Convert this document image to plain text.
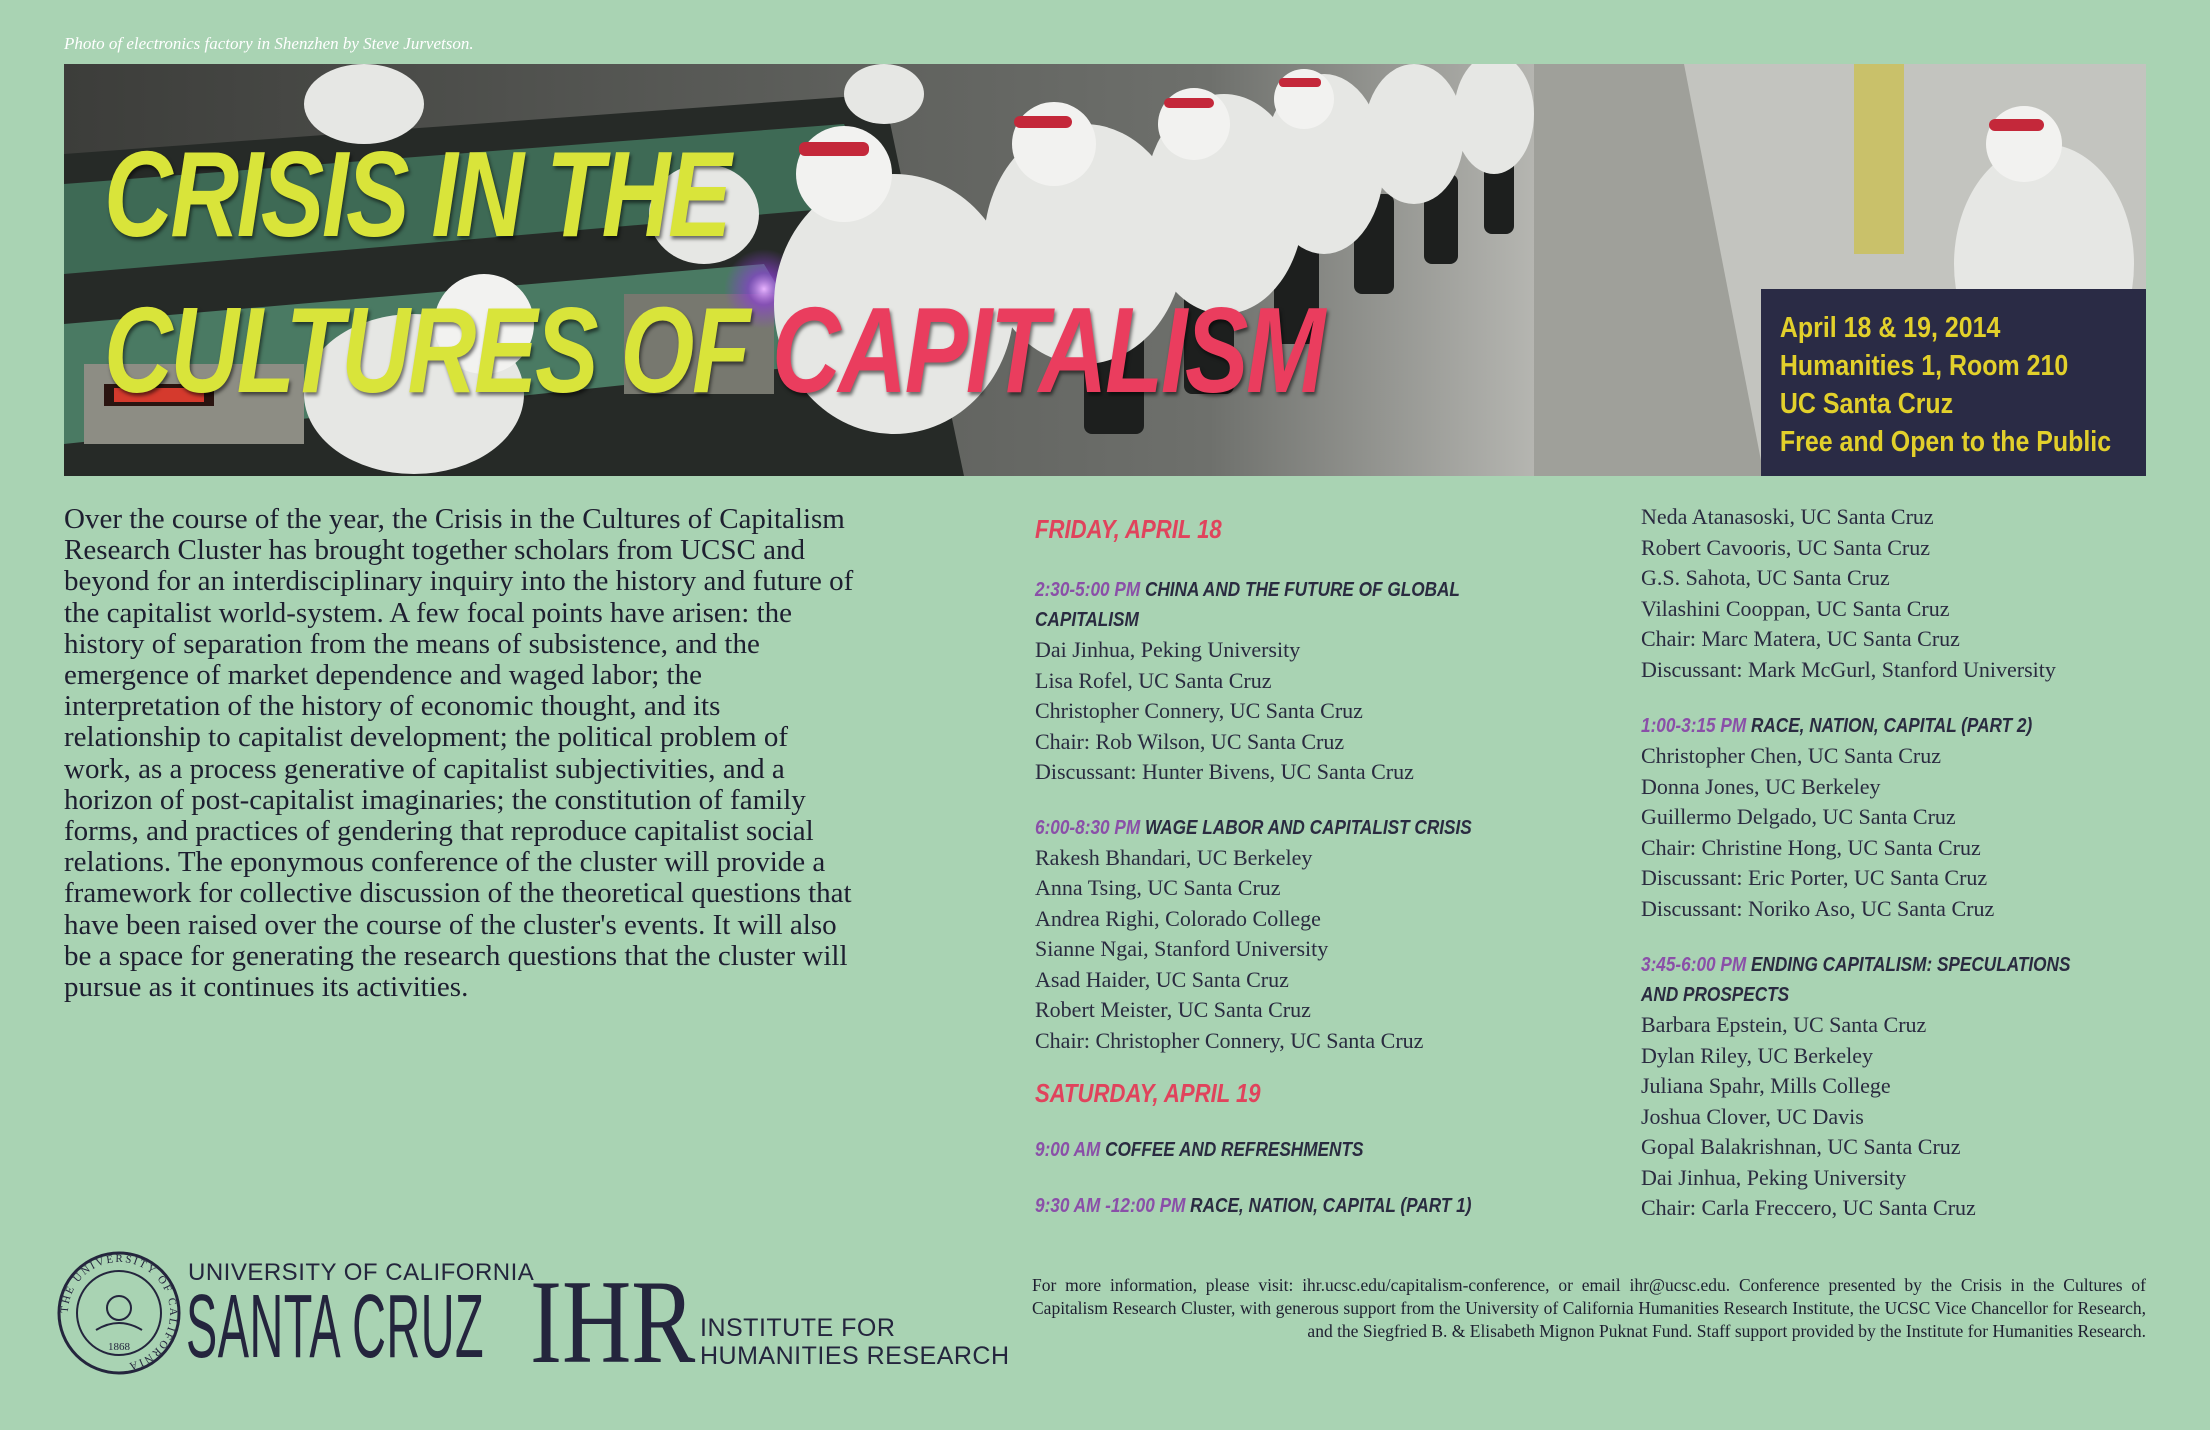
Photo of electronics factory in Shenzhen by Steve Jurvetson.
CRISIS IN THE
CULTURES OF CAPITALISM	April 18 & 19, 2014
Humanities 1, Room 210
UC Santa Cruz
Free and Open to the Public
Over the course of the year, the Crisis in the Cultures of Capitalism Research Cluster has brought together scholars from UCSC and beyond for an interdisciplinary inquiry into the history and future of the capitalist world-system. A few focal points have arisen: the history of separation from the means of subsistence, and the emergence of market dependence and waged labor; the interpretation of the history of economic thought, and its relationship to capitalist development; the political problem of work, as a process generative of capitalist subjectivities, and a horizon of post-capitalist imaginaries; the constitution of family forms, and practices of gendering that reproduce capitalist social relations. The eponymous conference of the cluster will provide a framework for collective discussion of the theoretical questions that have been raised over the course of the cluster's events. It will also be a space for generating the research questions that the cluster will pursue as it continues its activities.
FRIDAY, APRIL 18
2:30-5:00 PM CHINA AND THE FUTURE OF GLOBAL
CAPITALISM
Dai Jinhua, Peking University
Lisa Rofel, UC Santa Cruz
Christopher Connery, UC Santa Cruz
Chair: Rob Wilson, UC Santa Cruz
Discussant: Hunter Bivens, UC Santa Cruz
6:00-8:30 PM WAGE LABOR AND CAPITALIST CRISIS
Rakesh Bhandari, UC Berkeley
Anna Tsing, UC Santa Cruz
Andrea Righi, Colorado College
Sianne Ngai, Stanford University
Asad Haider, UC Santa Cruz
Robert Meister, UC Santa Cruz
Chair: Christopher Connery, UC Santa Cruz
SATURDAY, APRIL 19
9:00 AM COFFEE AND REFRESHMENTS
9:30 AM -12:00 PM RACE, NATION, CAPITAL (PART 1)
Neda Atanasoski, UC Santa Cruz
Robert Cavooris, UC Santa Cruz
G.S. Sahota, UC Santa Cruz
Vilashini Cooppan, UC Santa Cruz
Chair: Marc Matera, UC Santa Cruz
Discussant: Mark McGurl, Stanford University
1:00-3:15 PM RACE, NATION, CAPITAL (PART 2)
Christopher Chen, UC Santa Cruz
Donna Jones, UC Berkeley
Guillermo Delgado, UC Santa Cruz
Chair: Christine Hong, UC Santa Cruz
Discussant: Eric Porter, UC Santa Cruz
Discussant: Noriko Aso, UC Santa Cruz
3:45-6:00 PM ENDING CAPITALISM: SPECULATIONS
AND PROSPECTS
Barbara Epstein, UC Santa Cruz
Dylan Riley, UC Berkeley
Juliana Spahr, Mills College
Joshua Clover, UC Davis
Gopal Balakrishnan, UC Santa Cruz
Dai Jinhua, Peking University
Chair: Carla Freccero, UC Santa Cruz
THE UNIVERSITY OF CALIFORNIA
1868
UNIVERSITY OF CALIFORNIA
SANTA CRUZ IHR INSTITUTE FOR
HUMANITIES RESEARCH
For more information, please visit: ihr.ucsc.edu/capitalism-conference, or email ihr@ucsc.edu. Conference presented by the Crisis in the Cultures of Capitalism Research Cluster, with generous support from the University of California Humanities Research Institute, the UCSC Vice Chancellor for Research, and the Siegfried B. & Elisabeth Mignon Puknat Fund. Staff support provided by the Institute for Humanities Research.
